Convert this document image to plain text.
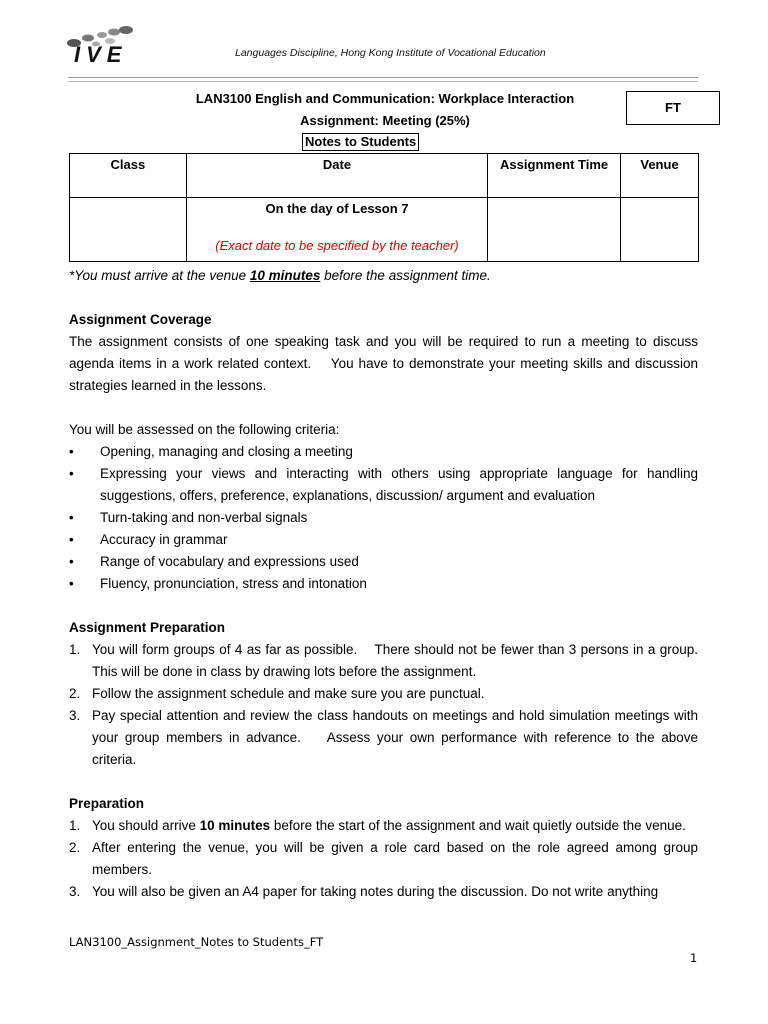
IVE	Languages Discipline, Hong Kong Institute of Vocational Education
LAN3100 English and Communication: Workplace Interaction
Assignment: Meeting (25%)
Notes to Students
FT
Class	Date	Assignment Time	Venue

	On the day of Lesson 7
(Exact date to be specified by the teacher)		

*You must arrive at the venue 10 minutes before the assignment time.
Assignment Coverage

The assignment consists of one speaking task and you will be required to run a meeting to discuss agenda items in a work related context.    You have to demonstrate your meeting skills and discussion strategies learned in the lessons.

You will be assessed on the following criteria:
• Opening, managing and closing a meeting
• Expressing your views and interacting with others using appropriate language for handling suggestions, offers, preference, explanations, discussion/ argument and evaluation
• Turn-taking and non-verbal signals
• Accuracy in grammar
• Range of vocabulary and expressions used
• Fluency, pronunciation, stress and intonation
Assignment Preparation
1. You will form groups of 4 as far as possible.    There should not be fewer than 3 persons in a group. This will be done in class by drawing lots before the assignment.
2. Follow the assignment schedule and make sure you are punctual.
3. Pay special attention and review the class handouts on meetings and hold simulation meetings with your group members in advance.    Assess your own performance with reference to the above criteria.
Preparation
1. You should arrive 10 minutes before the start of the assignment and wait quietly outside the venue.
2. After entering the venue, you will be given a role card based on the role agreed among group members.
3. You will also be given an A4 paper for taking notes during the discussion. Do not write anything
LAN3100_Assignment_Notes to Students_FT
1
